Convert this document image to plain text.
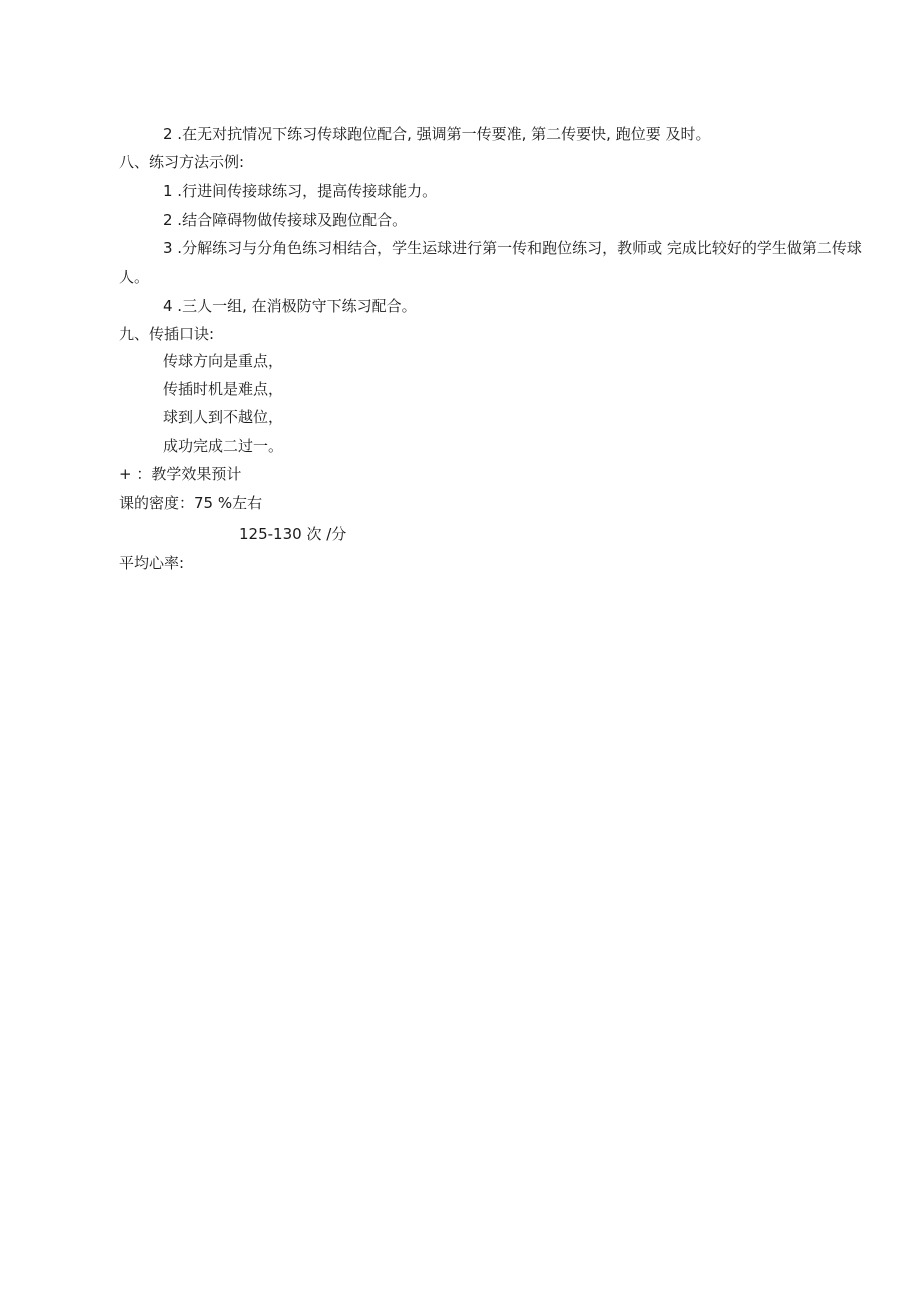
2 .在无对抗情况下练习传球跑位配合, 强调第一传要准, 第二传要快, 跑位要 及时。
八、练习方法示例:
1 .行进间传接球练习，提高传接球能力。
2 .结合障碍物做传接球及跑位配合。
3 .分解练习与分角色练习相结合，学生运球进行第一传和跑位练习，教师或 完成比较好的学生做第二传球人。
4 .三人一组, 在消极防守下练习配合。
九、传插口诀:
传球方向是重点，
传插时机是难点，
球到人到不越位，
成功完成二过一。
+ ：教学效果预计
课的密度：75 %左右
125-130 次 /分
平均心率:
